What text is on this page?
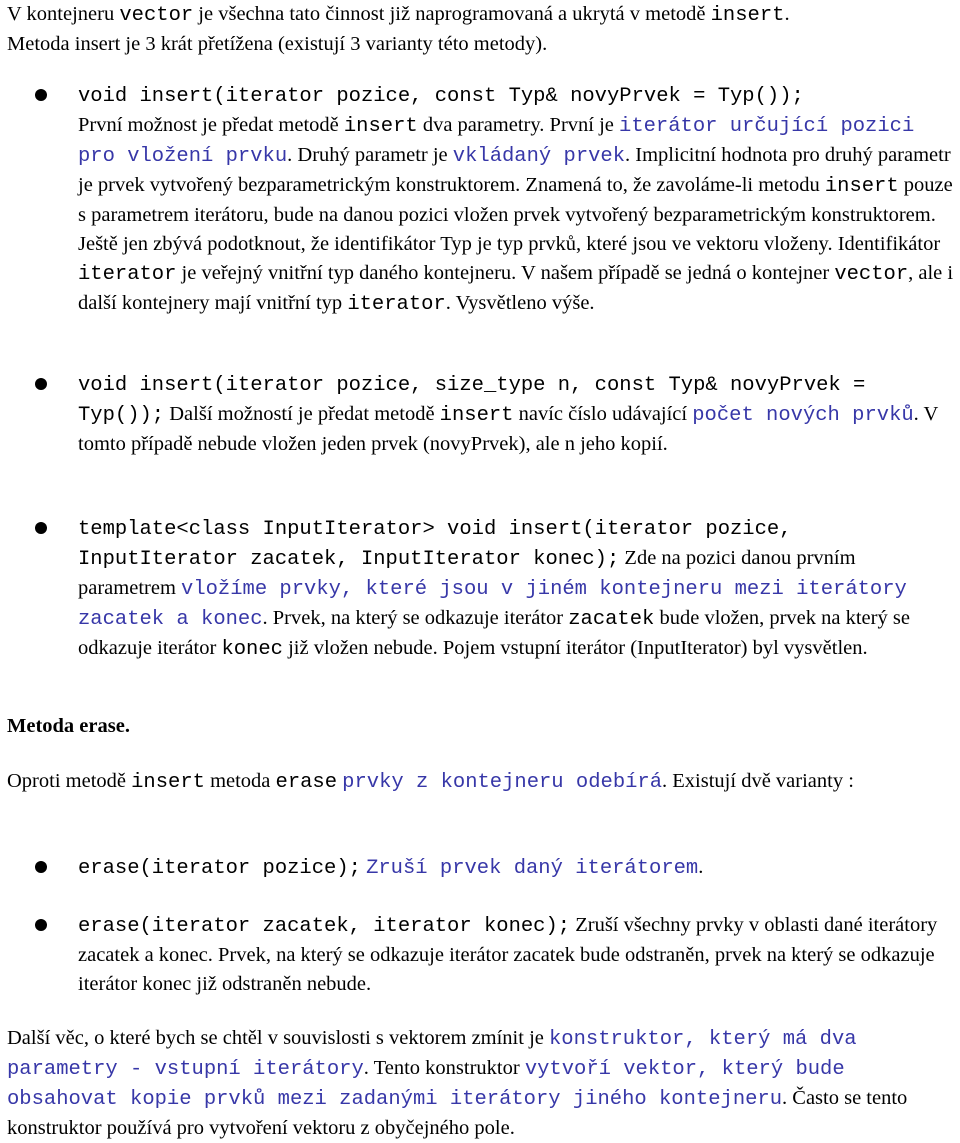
V kontejneru vector je všechna tato činnost již naprogramovaná a ukrytá v metodě insert.

Metoda insert je 3 krát přetížena (existují 3 varianty této metody).

void insert(iterator pozice, const Typ& novyPrvek = Typ());
První možnost je předat metodě insert dva parametry. První je iterátor určující pozici pro vložení prvku. Druhý parametr je vkládaný prvek. Implicitní hodnota pro druhý parametr je prvek vytvořený bezparametrickým konstruktorem. Znamená to, že zavoláme-li metodu insert pouze s parametrem iterátoru, bude na danou pozici vložen prvek vytvořený bezparametrickým konstruktorem. Ještě jen zbývá podotknout, že identifikátor Typ je typ prvků, které jsou ve vektoru vloženy. Identifikátor iterator je veřejný vnitřní typ daného kontejneru. V našem případě se jedná o kontejner vector, ale i další kontejnery mají vnitřní typ iterator. Vysvětleno výše.

void insert(iterator pozice, size_type n, const Typ& novyPrvek = Typ()); Další možností je předat metodě insert navíc číslo udávající počet nových prvků. V tomto případě nebude vložen jeden prvek (novyPrvek), ale n jeho kopií.

template<class InputIterator> void insert(iterator pozice, InputIterator zacatek, InputIterator konec); Zde na pozici danou prvním parametrem vložíme prvky, které jsou v jiném kontejneru mezi iterátory zacatek a konec. Prvek, na který se odkazuje iterátor zacatek bude vložen, prvek na který se odkazuje iterátor konec již vložen nebude. Pojem vstupní iterátor (InputIterator) byl vysvětlen.

Metoda erase.

Oproti metodě insert metoda erase prvky z kontejneru odebírá. Existují dvě varianty :

erase(iterator pozice); Zruší prvek daný iterátorem.

erase(iterator zacatek, iterator konec); Zruší všechny prvky v oblasti dané iterátory zacatek a konec. Prvek, na který se odkazuje iterátor zacatek bude odstraněn, prvek na který se odkazuje iterátor konec již odstraněn nebude.

Další věc, o které bych se chtěl v souvislosti s vektorem zmínit je konstruktor, který má dva parametry - vstupní iterátory. Tento konstruktor vytvoří vektor, který bude obsahovat kopie prvků mezi zadanými iterátory jiného kontejneru. Často se tento konstruktor používá pro vytvoření vektoru z obyčejného pole.
